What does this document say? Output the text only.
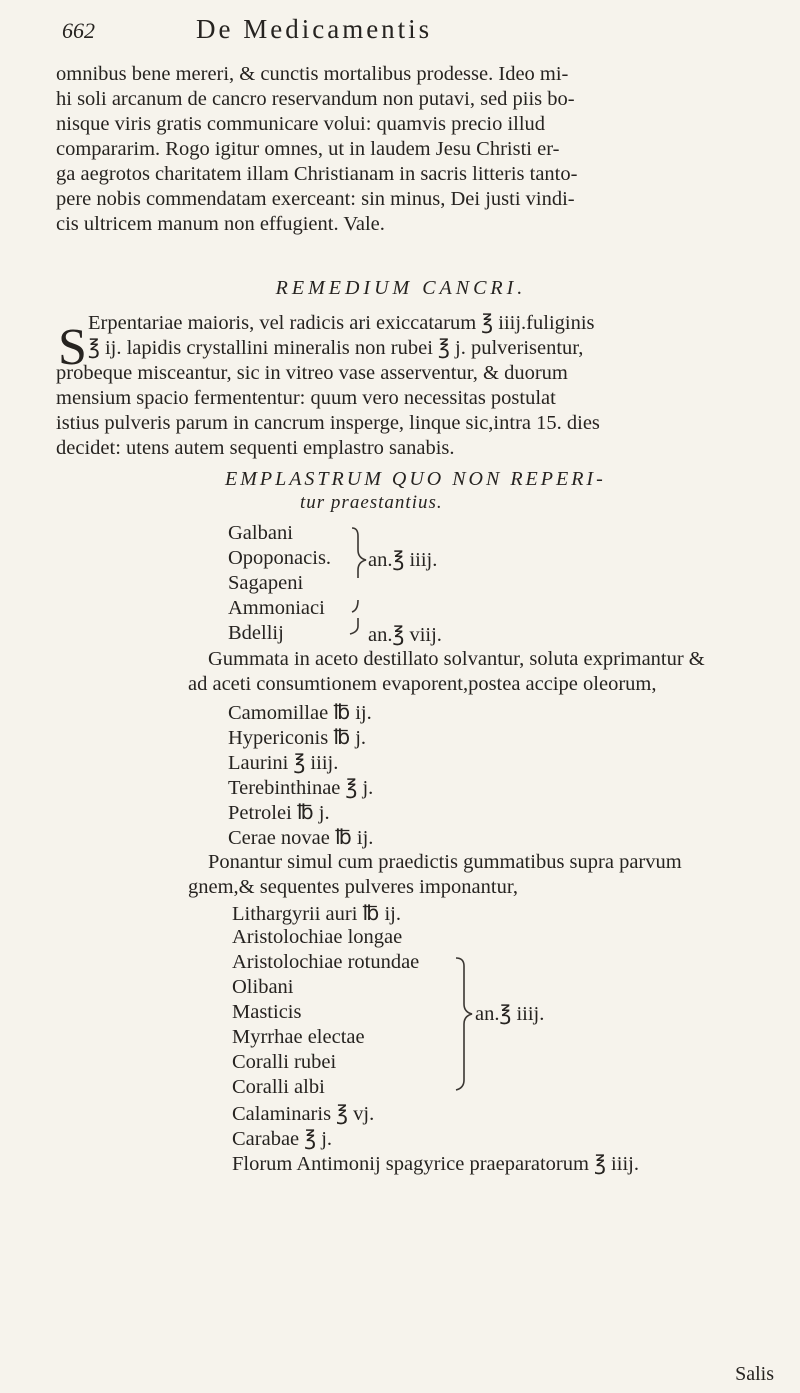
662	De Medicamentis
omnibus bene mereri, & cunctis mortalibus prodesse. Ideo mi-
hi soli arcanum de cancro reservandum non putavi, sed piis bo-
nisque viris gratis communicare volui: quamvis precio illud
compararim. Rogo igitur omnes, ut in laudem Jesu Christi er-
ga aegrotos charitatem illam Christianam in sacris litteris tanto-
pere nobis commendatam exerceant: sin minus, Dei justi vindi-
cis ultricem manum non effugient. Vale.
REMEDIUM CANCRI.
S Erpentariae maioris, vel radicis ari exiccatarum ℥ iiij.fuliginis
℥ ij. lapidis crystallini mineralis non rubei ℥ j. pulverisentur,
probeque misceantur, sic in vitreo vase asserventur, & duorum
mensium spacio fermententur: quum vero necessitas postulat
istius pulveris parum in cancrum insperge, linque sic,intra 15. dies
decidet: utens autem sequenti emplastro sanabis.
EMPLASTRUM QUO NON REPERI-
tur praestantius.
Galbani
Opoponacis.
Sagapeni
Ammoniaci
Bdellij
an.℥ iiij.
an.℥ viij.
Gummata in aceto destillato solvantur, soluta exprimantur &
ad aceti consumtionem evaporent,postea accipe oleorum,
Camomillae ℔ ij.
Hypericonis ℔ j.
Laurini ℥ iiij.
Terebinthinae ℥ j.
Petrolei ℔ j.
Cerae novae ℔ ij.
Ponantur simul cum praedictis gummatibus supra parvum
gnem,& sequentes pulveres imponantur,
Lithargyrii auri ℔ ij.
Aristolochiae longae
Aristolochiae rotundae
Olibani
Masticis
Myrrhae electae
Coralli rubei
Coralli albi
an.℥ iiij.
Calaminaris ℥ vj.
Carabae ℥ j.
Florum Antimonij spagyrice praeparatorum ℥ iiij.
Salis
